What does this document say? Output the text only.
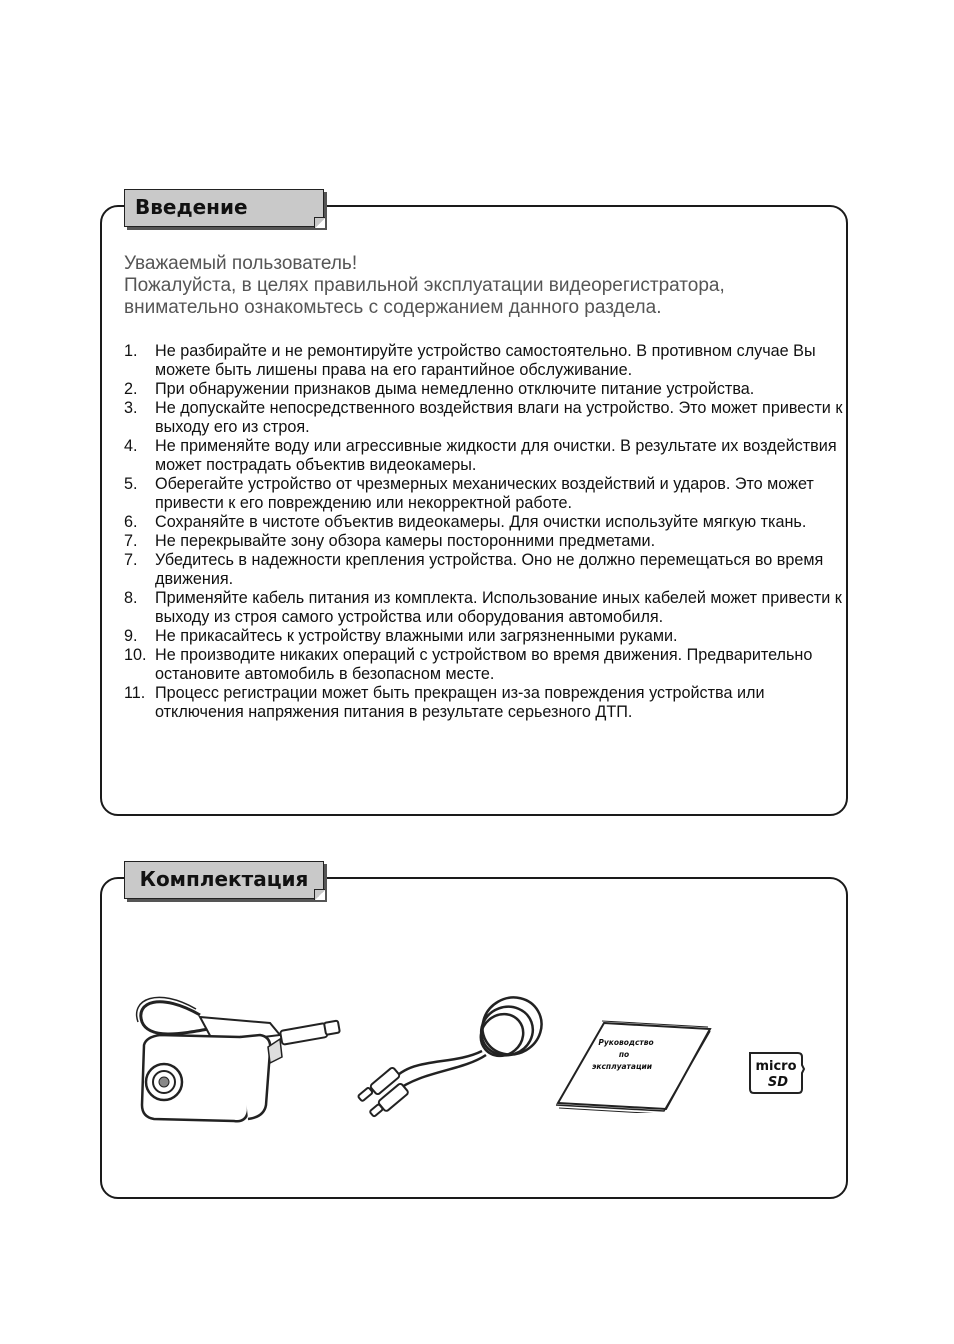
Введение
Уважаемый пользователь!
Пожалуйста, в целях правильной эксплуатации видеорегистратора,
внимательно ознакомьтесь с содержанием данного раздела.
1. Не разбирайте и не ремонтируйте устройство самостоятельно. В противном случае Вы можете быть лишены права на его гарантийное обслуживание.
2. При обнаружении признаков дыма немедленно отключите питание устройства.
3. Не допускайте непосредственного воздействия влаги на устройство. Это может привести к выходу его из строя.
4. Не применяйте воду или агрессивные жидкости для очистки. В результате их воздействия может пострадать объектив видеокамеры.
5. Оберегайте устройство от чрезмерных механических воздействий и ударов. Это может привести к его повреждению или некорректной работе.
6. Сохраняйте в чистоте объектив видеокамеры. Для очистки используйте мягкую ткань.
7. Не перекрывайте зону обзора камеры посторонними предметами.
7. Убедитесь в надежности крепления устройства. Оно не должно перемещаться во время движения.
8. Применяйте кабель питания из комплекта. Использование иных кабелей может привести к выходу из строя самого устройства или оборудования автомобиля.
9. Не прикасайтесь к устройству влажными или загрязненными руками.
10. Не производите никаких операций с устройством во время движения. Предварительно остановите автомобиль в безопасном месте.
11. Процесс регистрации может быть прекращен из-за повреждения устройства или отключения напряжения питания в результате серьезного ДТП.
Комплектация
Руководство
по
эксплуатации	micro
SD
